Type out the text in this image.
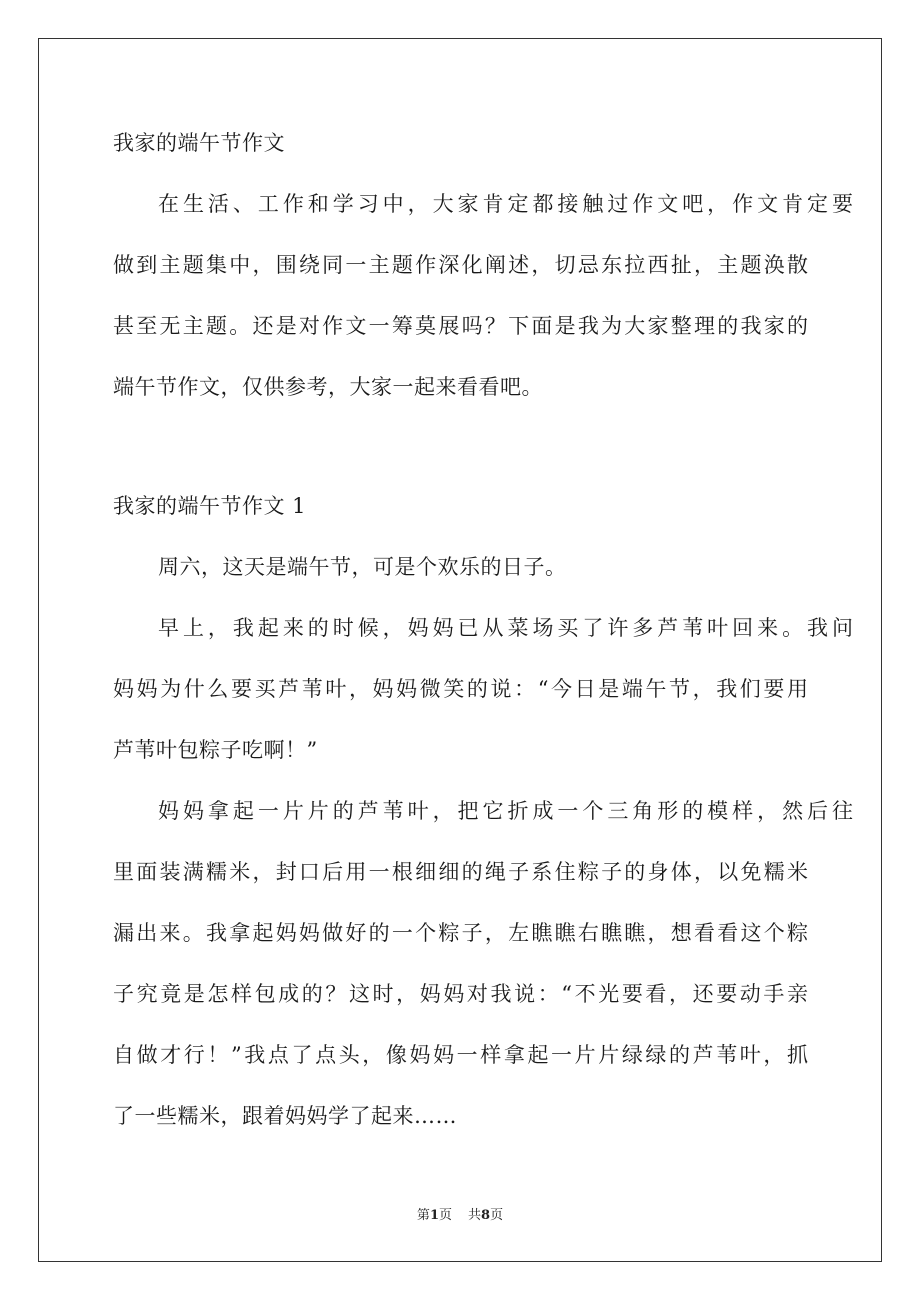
我家的端午节作文
在生活、工作和学习中，大家肯定都接触过作文吧，作文肯定要
做到主题集中，围绕同一主题作深化阐述，切忌东拉西扯，主题涣散
甚至无主题。还是对作文一筹莫展吗？下面是我为大家整理的我家的
端午节作文，仅供参考，大家一起来看看吧。
我家的端午节作文 1
周六，这天是端午节，可是个欢乐的日子。
早上，我起来的时候，妈妈已从菜场买了许多芦苇叶回来。我问
妈妈为什么要买芦苇叶，妈妈微笑的说：“今日是端午节，我们要用
芦苇叶包粽子吃啊！”
妈妈拿起一片片的芦苇叶，把它折成一个三角形的模样，然后往
里面装满糯米，封口后用一根细细的绳子系住粽子的身体，以免糯米
漏出来。我拿起妈妈做好的一个粽子，左瞧瞧右瞧瞧，想看看这个粽
子究竟是怎样包成的？这时，妈妈对我说：“不光要看，还要动手亲
自做才行！”我点了点头，像妈妈一样拿起一片片绿绿的芦苇叶，抓
了一些糯米，跟着妈妈学了起来……
第1页 共8页
